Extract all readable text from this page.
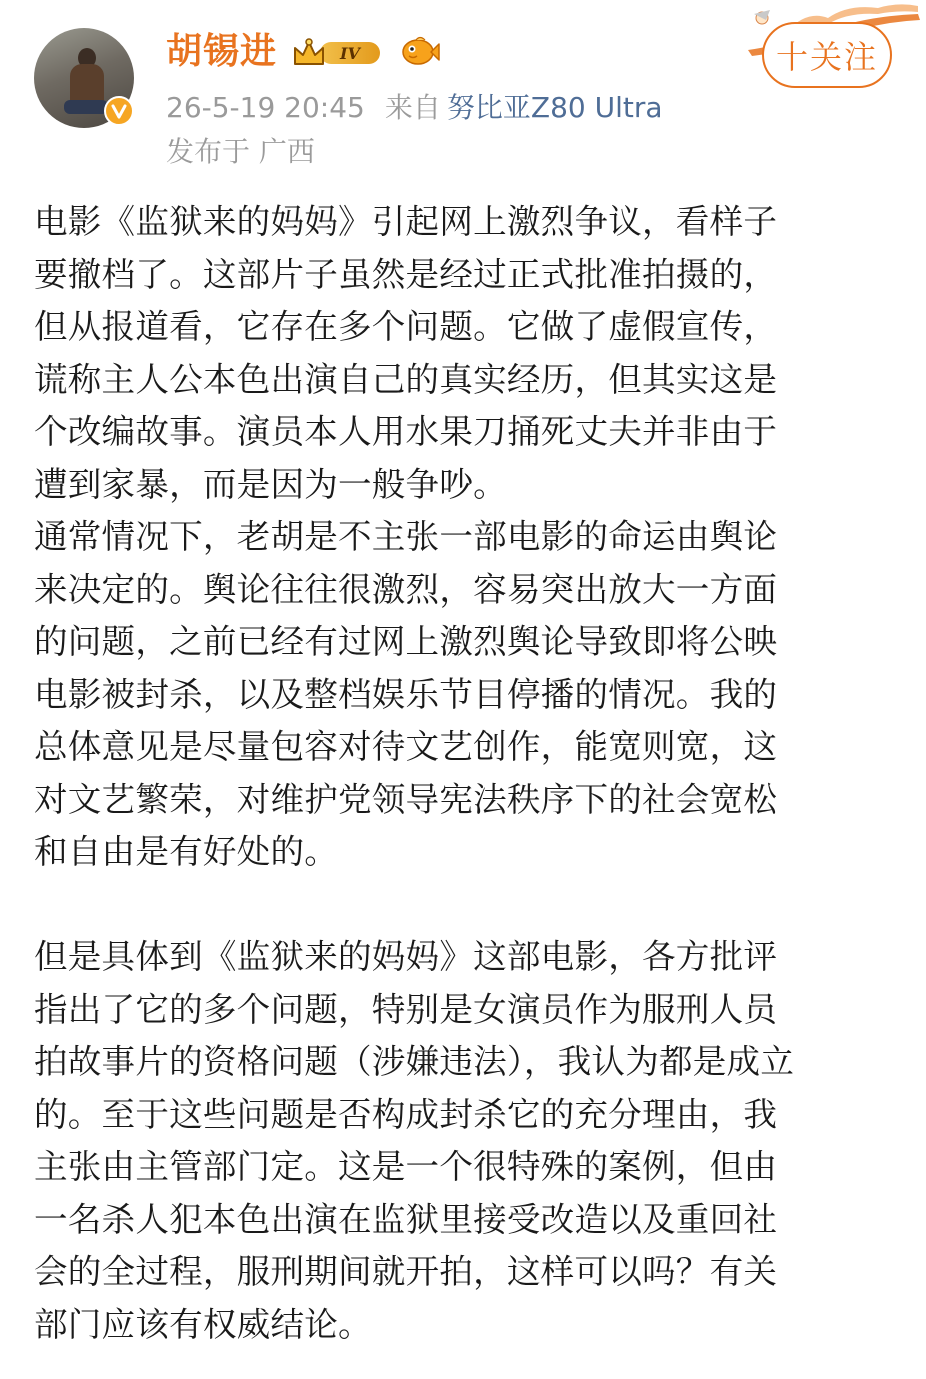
胡锡进	IV	十关注
26-5-19 20:45 来自 努比亚Z80 Ultra
发布于 广西
电影《监狱来的妈妈》引起网上激烈争议，看样子
要撤档了。这部片子虽然是经过正式批准拍摄的，
但从报道看，它存在多个问题。它做了虚假宣传，
谎称主人公本色出演自己的真实经历，但其实这是
个改编故事。演员本人用水果刀捅死丈夫并非由于
遭到家暴，而是因为一般争吵。
通常情况下，老胡是不主张一部电影的命运由舆论
来决定的。舆论往往很激烈，容易突出放大一方面
的问题，之前已经有过网上激烈舆论导致即将公映
电影被封杀，以及整档娱乐节目停播的情况。我的
总体意见是尽量包容对待文艺创作，能宽则宽，这
对文艺繁荣，对维护党领导宪法秩序下的社会宽松
和自由是有好处的。
但是具体到《监狱来的妈妈》这部电影，各方批评
指出了它的多个问题，特别是女演员作为服刑人员
拍故事片的资格问题（涉嫌违法），我认为都是成立
的。至于这些问题是否构成封杀它的充分理由，我
主张由主管部门定。这是一个很特殊的案例，但由
一名杀人犯本色出演在监狱里接受改造以及重回社
会的全过程，服刑期间就开拍，这样可以吗？有关
部门应该有权威结论。
